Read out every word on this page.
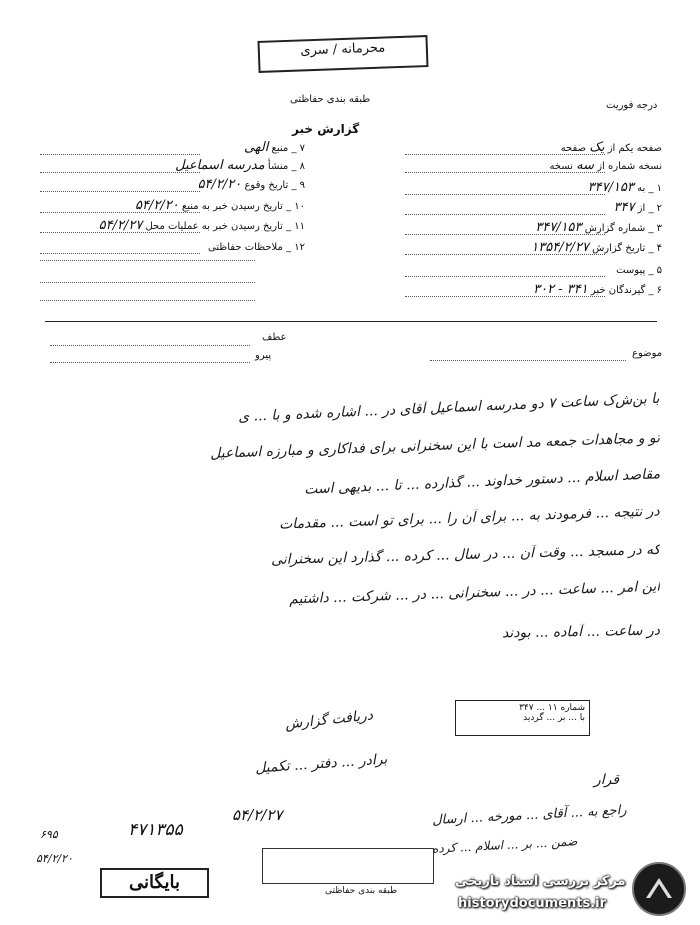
محرمانه / سری
طبقه بندی حفاظتی
درجه فوریت
گزارش خبر
۷ _ منبع الهی
۸ _ منشأ مدرسه اسماعیل
۹ _ تاریخ وقوع ۵۴/۲/۲۰
۱۰ _ تاریخ رسیدن خبر به منبع ۵۴/۲/۲۰
۱۱ _ تاریخ رسیدن خبر به عملیات محل ۵۴/۲/۲۷
۱۲ _ ملاحظات حفاظتی
صفحه یکم از یک صفحه
نسخه شماره از سه نسخه
۱ _ به ۳۴۷/۱۵۳
۲ _ از ۳۴۷
۳ _ شماره گزارش ۳۴۷/۱۵۳
۴ _ تاریخ گزارش ۱۳۵۴/۲/۲۷
۵ _ پیوست
۶ _ گیرندگان خبر ۳۴۱ - ۳۰۲
عطف
پیرو	موضوع
با ‌بن‌ش‌ک ساعت ۷ دو مدرسه اسماعیل آقای در ... اشاره شده و با ... ی
تو و مجاهدات جمعه مد است با این سخنرانی برای فداکاری و مبارزه اسماعیل
مقاصد اسلام ... دستور خداوند ... گذارده ... تا ... بدیهی است
در نتیجه ... فرمودند به ... برای آن را ... برای تو است ... مقدمات
که در مسجد ... وقت آن ... در سال ... کرده ... گذارد این سخنرانی
این امر ... ساعت ... در ... سخنرانی ... در ... شرکت ... داشتیم
در ساعت ... آماده ... بودند
شماره ۱۱ ... ۳۴۷
با ... بر ... گردید
دریافت گزارش
برادر ... دفتر ... تکمیل
۵۴/۲/۲۷
قرار
راجع به ... آقای ... مورخه ... ارسال
ضمن ... بر ... اسلام ... کرده
۴۷۱۳۵۵
۶۹۵
۵۴/۲/۲۰
بایگانی	طبقه بندی حفاظتی
مرکز بررسی اسناد تاریخی
historydocuments.ir
